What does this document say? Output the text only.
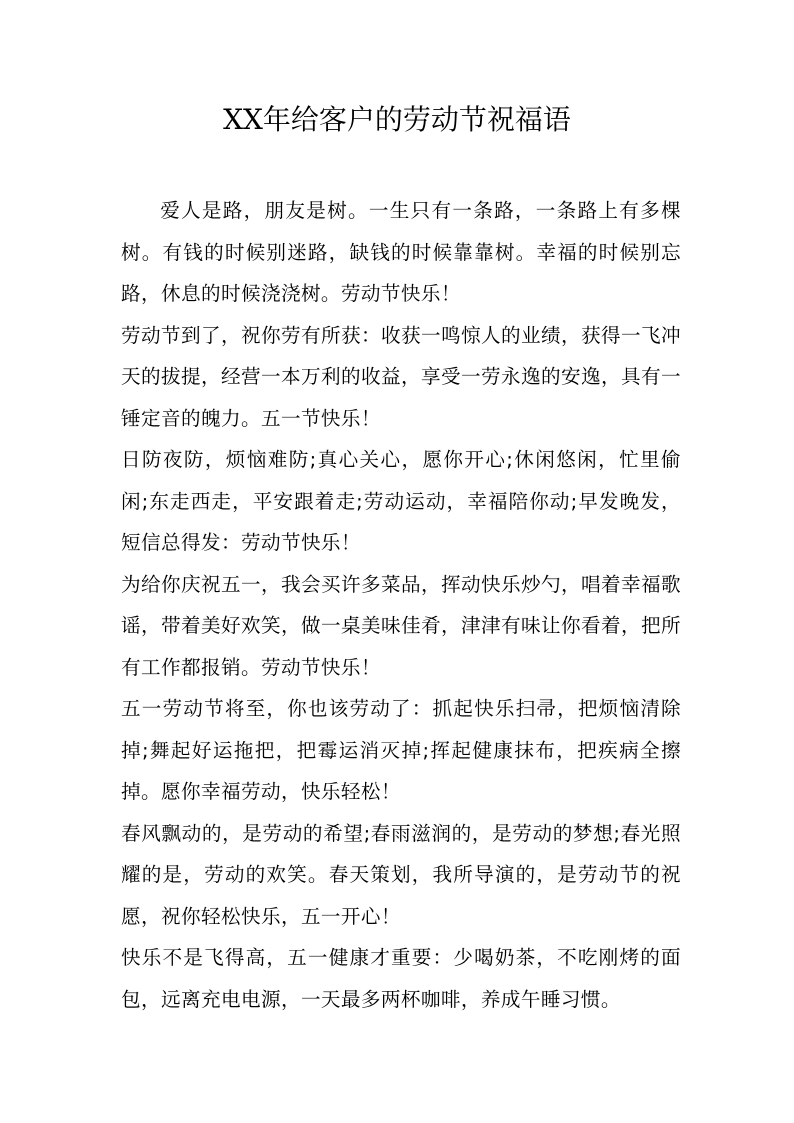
XX年给客户的劳动节祝福语

爱人是路，朋友是树。一生只有一条路，一条路上有多棵树。有钱的时候别迷路，缺钱的时候靠靠树。幸福的时候别忘路，休息的时候浇浇树。劳动节快乐！

劳动节到了，祝你劳有所获：收获一鸣惊人的业绩，获得一飞冲天的拔提，经营一本万利的收益，享受一劳永逸的安逸，具有一锤定音的魄力。五一节快乐！

日防夜防，烦恼难防;真心关心，愿你开心;休闲悠闲，忙里偷闲;东走西走，平安跟着走;劳动运动，幸福陪你动;早发晚发，短信总得发：劳动节快乐！

为给你庆祝五一，我会买许多菜品，挥动快乐炒勺，唱着幸福歌谣，带着美好欢笑，做一桌美味佳肴，津津有味让你看着，把所有工作都报销。劳动节快乐！

五一劳动节将至，你也该劳动了：抓起快乐扫帚，把烦恼清除掉;舞起好运拖把，把霉运消灭掉;挥起健康抹布，把疾病全擦掉。愿你幸福劳动，快乐轻松！

春风飘动的，是劳动的希望;春雨滋润的，是劳动的梦想;春光照耀的是，劳动的欢笑。春天策划，我所导演的，是劳动节的祝愿，祝你轻松快乐，五一开心！

快乐不是飞得高，五一健康才重要：少喝奶茶，不吃刚烤的面包，远离充电电源，一天最多两杯咖啡，养成午睡习惯。
